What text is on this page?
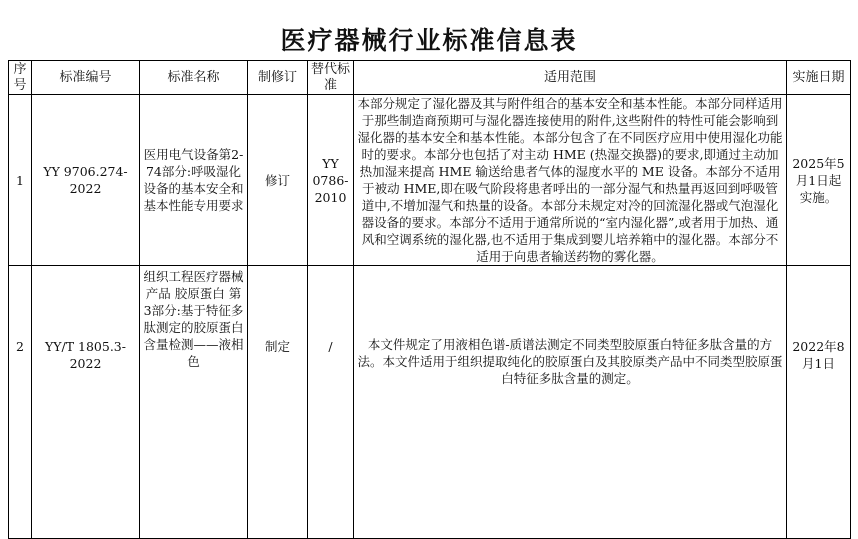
医疗器械行业标准信息表
序号	标准编号	标准名称	制修订	替代标准	适用范围	实施日期
1	YY 9706.274-2022	医用电气设备第2-74部分:呼吸湿化设备的基本安全和基本性能专用要求	修订	YY 0786-2010	本部分规定了湿化器及其与附件组合的基本安全和基本性能。本部分同样适用于那些制造商预期可与湿化器连接使用的附件,这些附件的特性可能会影响到湿化器的基本安全和基本性能。本部分包含了在不同医疗应用中使用湿化功能时的要求。本部分也包括了对主动 HME (热湿交换器)的要求,即通过主动加热加湿来提高 HME 输送给患者气体的湿度水平的 ME 设备。本部分不适用于被动 HME,即在吸气阶段将患者呼出的一部分湿气和热量再返回到呼吸管道中,不增加湿气和热量的设备。本部分未规定对冷的回流湿化器或气泡湿化器设备的要求。本部分不适用于通常所说的“室内湿化器”,或者用于加热、通风和空调系统的湿化器,也不适用于集成到婴儿培养箱中的湿化器。本部分不适用于向患者输送药物的雾化器。	2025年5月1日起实施。
2	YY/T 1805.3-2022	组织工程医疗器械产品 胶原蛋白 第3部分:基于特征多肽测定的胶原蛋白含量检测——液相色	制定	/	本文件规定了用液相色谱-质谱法测定不同类型胶原蛋白特征多肽含量的方法。本文件适用于组织提取纯化的胶原蛋白及其胶原类产品中不同类型胶原蛋白特征多肽含量的测定。	2022年8月1日
